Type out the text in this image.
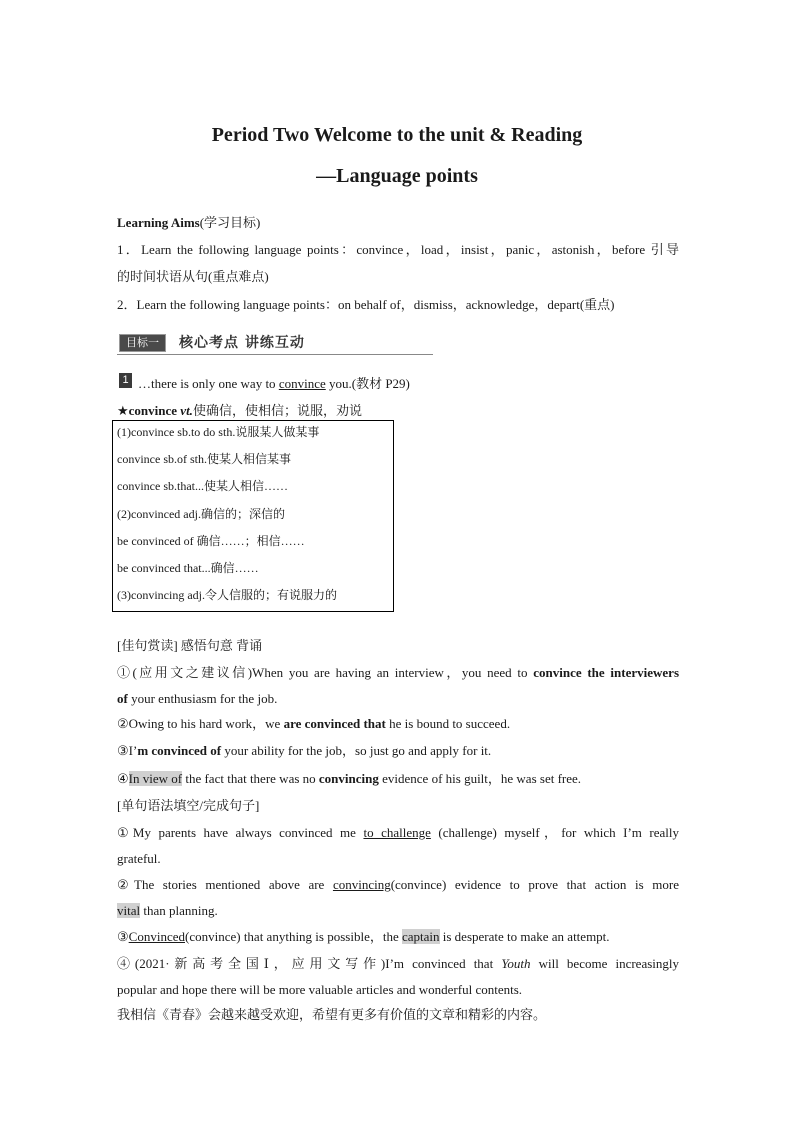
Period Two Welcome to the unit & Reading
—Language points
Learning Aims(学习目标)
1．Learn the following language points：convince，load，insist，panic，astonish，before 引导
的时间状语从句(重点难点)
2．Learn the following language points：on behalf of，dismiss，acknowledge，depart(重点)
目标一	核心考点 讲练互动
1 …there is only one way to convince you.(教材 P29)
★convince vt.使确信，使相信；说服，劝说
(1)convince sb.to do sth.说服某人做某事
convince sb.of sth.使某人相信某事
convince sb.that...使某人相信……
(2)convinced adj.确信的；深信的
be convinced of 确信……；相信……
be convinced that...确信……
(3)convincing adj.令人信服的；有说服力的
[佳句赏读] 感悟句意 背诵
①(应用文之建议信)When you are having an interview，you need to convince the interviewers
of your enthusiasm for the job.
②Owing to his hard work，we are convinced that he is bound to succeed.
③I’m convinced of your ability for the job，so just go and apply for it.
④In view of the fact that there was no convincing evidence of his guilt，he was set free.
[单句语法填空/完成句子]
①My parents have always convinced me to challenge (challenge) myself，for which I’m really
grateful.
②The stories mentioned above are convincing(convince) evidence to prove that action is more
vital than planning.
③Convinced(convince) that anything is possible，the captain is desperate to make an attempt.
④(2021·新高考全国Ⅰ，应用文写作)I’m convinced that Youth will become increasingly
popular and hope there will be more valuable articles and wonderful contents.
我相信《青春》会越来越受欢迎，希望有更多有价值的文章和精彩的内容。
